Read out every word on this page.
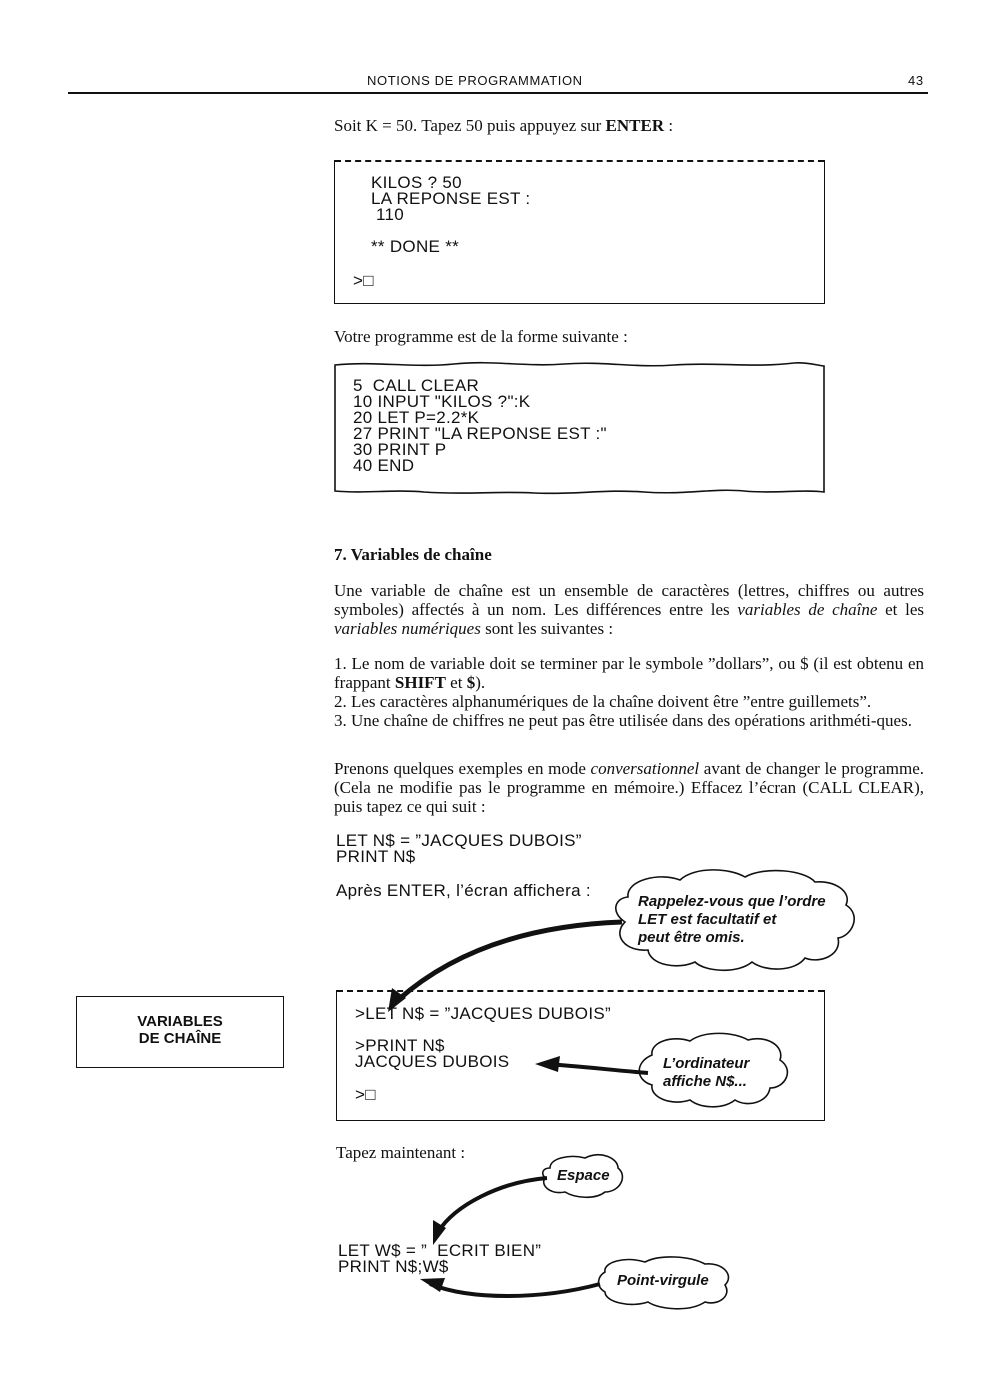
NOTIONS DE PROGRAMMATION	43
Soit K = 50. Tapez 50 puis appuyez sur ENTER :
KILOS ? 50
LA REPONSE EST :
110
** DONE **
>□
Votre programme est de la forme suivante :
5  CALL CLEAR
10 INPUT "KILOS ?":K
20 LET P=2.2*K
27 PRINT "LA REPONSE EST :"
30 PRINT P
40 END
7. Variables de chaîne
Une variable de chaîne est un ensemble de caractères (lettres, chiffres ou autres symboles) affectés à un nom. Les différences entre les variables de chaîne et les variables numériques sont les suivantes :
1. Le nom de variable doit se terminer par le symbole ”dollars”, ou $ (il est obtenu en frappant SHIFT et $).
2. Les caractères alphanumériques de la chaîne doivent être ”entre guillemets”.
3. Une chaîne de chiffres ne peut pas être utilisée dans des opérations arithméti-ques.
Prenons quelques exemples en mode conversationnel avant de changer le programme. (Cela ne modifie pas le programme en mémoire.) Effacez l’écran (CALL CLEAR), puis tapez ce qui suit :
LET N$ = ”JACQUES DUBOIS”
PRINT N$
Après ENTER, l’écran affichera :
Rappelez-vous que l’ordre
LET est facultatif et
peut être omis.
VARIABLES
DE CHAÎNE
>LET N$ = ”JACQUES DUBOIS”
>PRINT N$
JACQUES DUBOIS
>□
L’ordinateur
affiche N$...
Tapez maintenant :
Espace
LET W$ = ”  ECRIT BIEN”
PRINT N$;W$
Point-virgule
